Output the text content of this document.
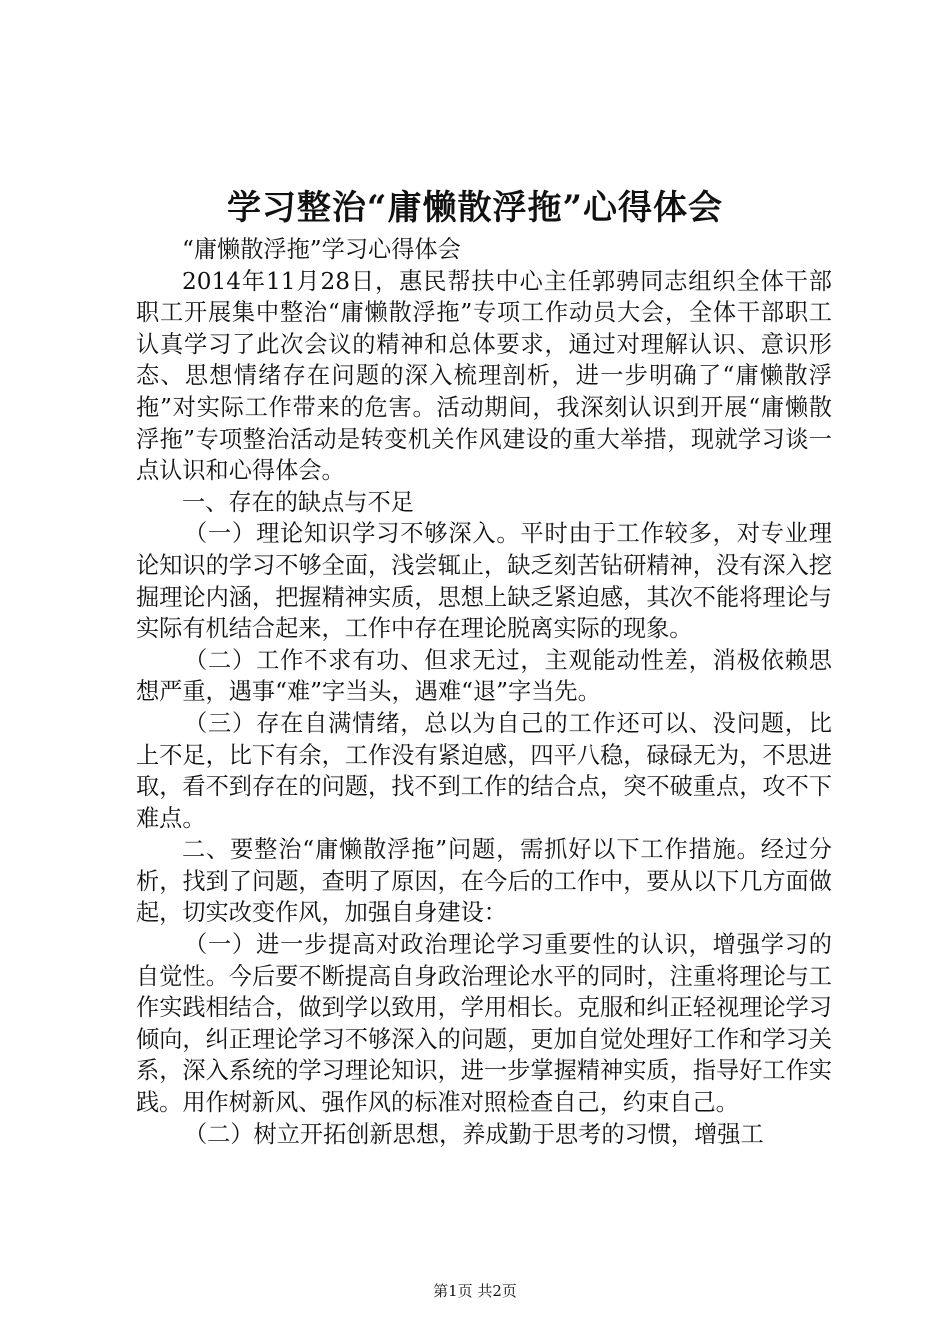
学习整治“庸懒散浮拖”心得体会

“庸懒散浮拖”学习心得体会

2014年11月28日，惠民帮扶中心主任郭骋同志组织全体干部职工开展集中整治“庸懒散浮拖”专项工作动员大会，全体干部职工认真学习了此次会议的精神和总体要求，通过对理解认识、意识形态、思想情绪存在问题的深入梳理剖析，进一步明确了“庸懒散浮拖”对实际工作带来的危害。活动期间，我深刻认识到开展“庸懒散浮拖”专项整治活动是转变机关作风建设的重大举措，现就学习谈一点认识和心得体会。

一、存在的缺点与不足

（一）理论知识学习不够深入。平时由于工作较多，对专业理论知识的学习不够全面，浅尝辄止，缺乏刻苦钻研精神，没有深入挖掘理论内涵，把握精神实质，思想上缺乏紧迫感，其次不能将理论与实际有机结合起来，工作中存在理论脱离实际的现象。

（二）工作不求有功、但求无过，主观能动性差，消极依赖思想严重，遇事“难”字当头，遇难“退”字当先。

（三）存在自满情绪，总以为自己的工作还可以、没问题，比上不足，比下有余，工作没有紧迫感，四平八稳，碌碌无为，不思进取，看不到存在的问题，找不到工作的结合点，突不破重点，攻不下难点。

二、要整治“庸懒散浮拖”问题，需抓好以下工作措施。经过分析，找到了问题，查明了原因，在今后的工作中，要从以下几方面做起，切实改变作风，加强自身建设：

（一）进一步提高对政治理论学习重要性的认识，增强学习的自觉性。今后要不断提高自身政治理论水平的同时，注重将理论与工作实践相结合，做到学以致用，学用相长。克服和纠正轻视理论学习倾向，纠正理论学习不够深入的问题，更加自觉处理好工作和学习关系，深入系统的学习理论知识，进一步掌握精神实质，指导好工作实践。用作树新风、强作风的标准对照检查自己，约束自己。

（二）树立开拓创新思想，养成勤于思考的习惯，增强工

第1页 共2页
